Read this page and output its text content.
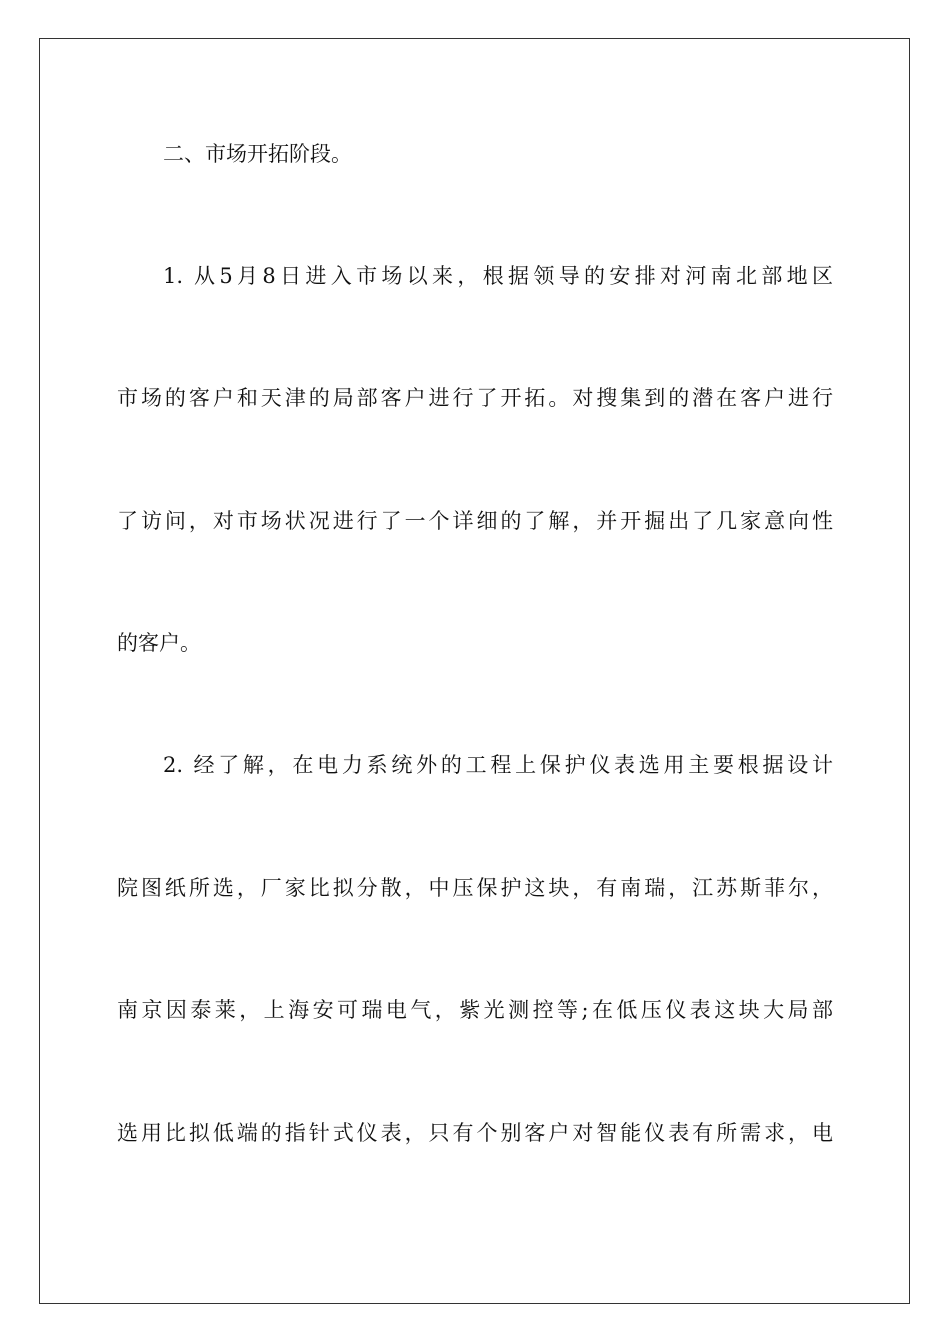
二、市场开拓阶段。

1. 从5月8日进入市场以来，根据领导的安排对河南北部地区

市场的客户和天津的局部客户进行了开拓。对搜集到的潜在客户进行

了访问，对市场状况进行了一个详细的了解，并开掘出了几家意向性

的客户。

2. 经了解，在电力系统外的工程上保护仪表选用主要根据设计

院图纸所选，厂家比拟分散，中压保护这块，有南瑞，江苏斯菲尔，

南京因泰莱，上海安可瑞电气，紫光测控等;在低压仪表这块大局部

选用比拟低端的指针式仪表，只有个别客户对智能仪表有所需求，电
